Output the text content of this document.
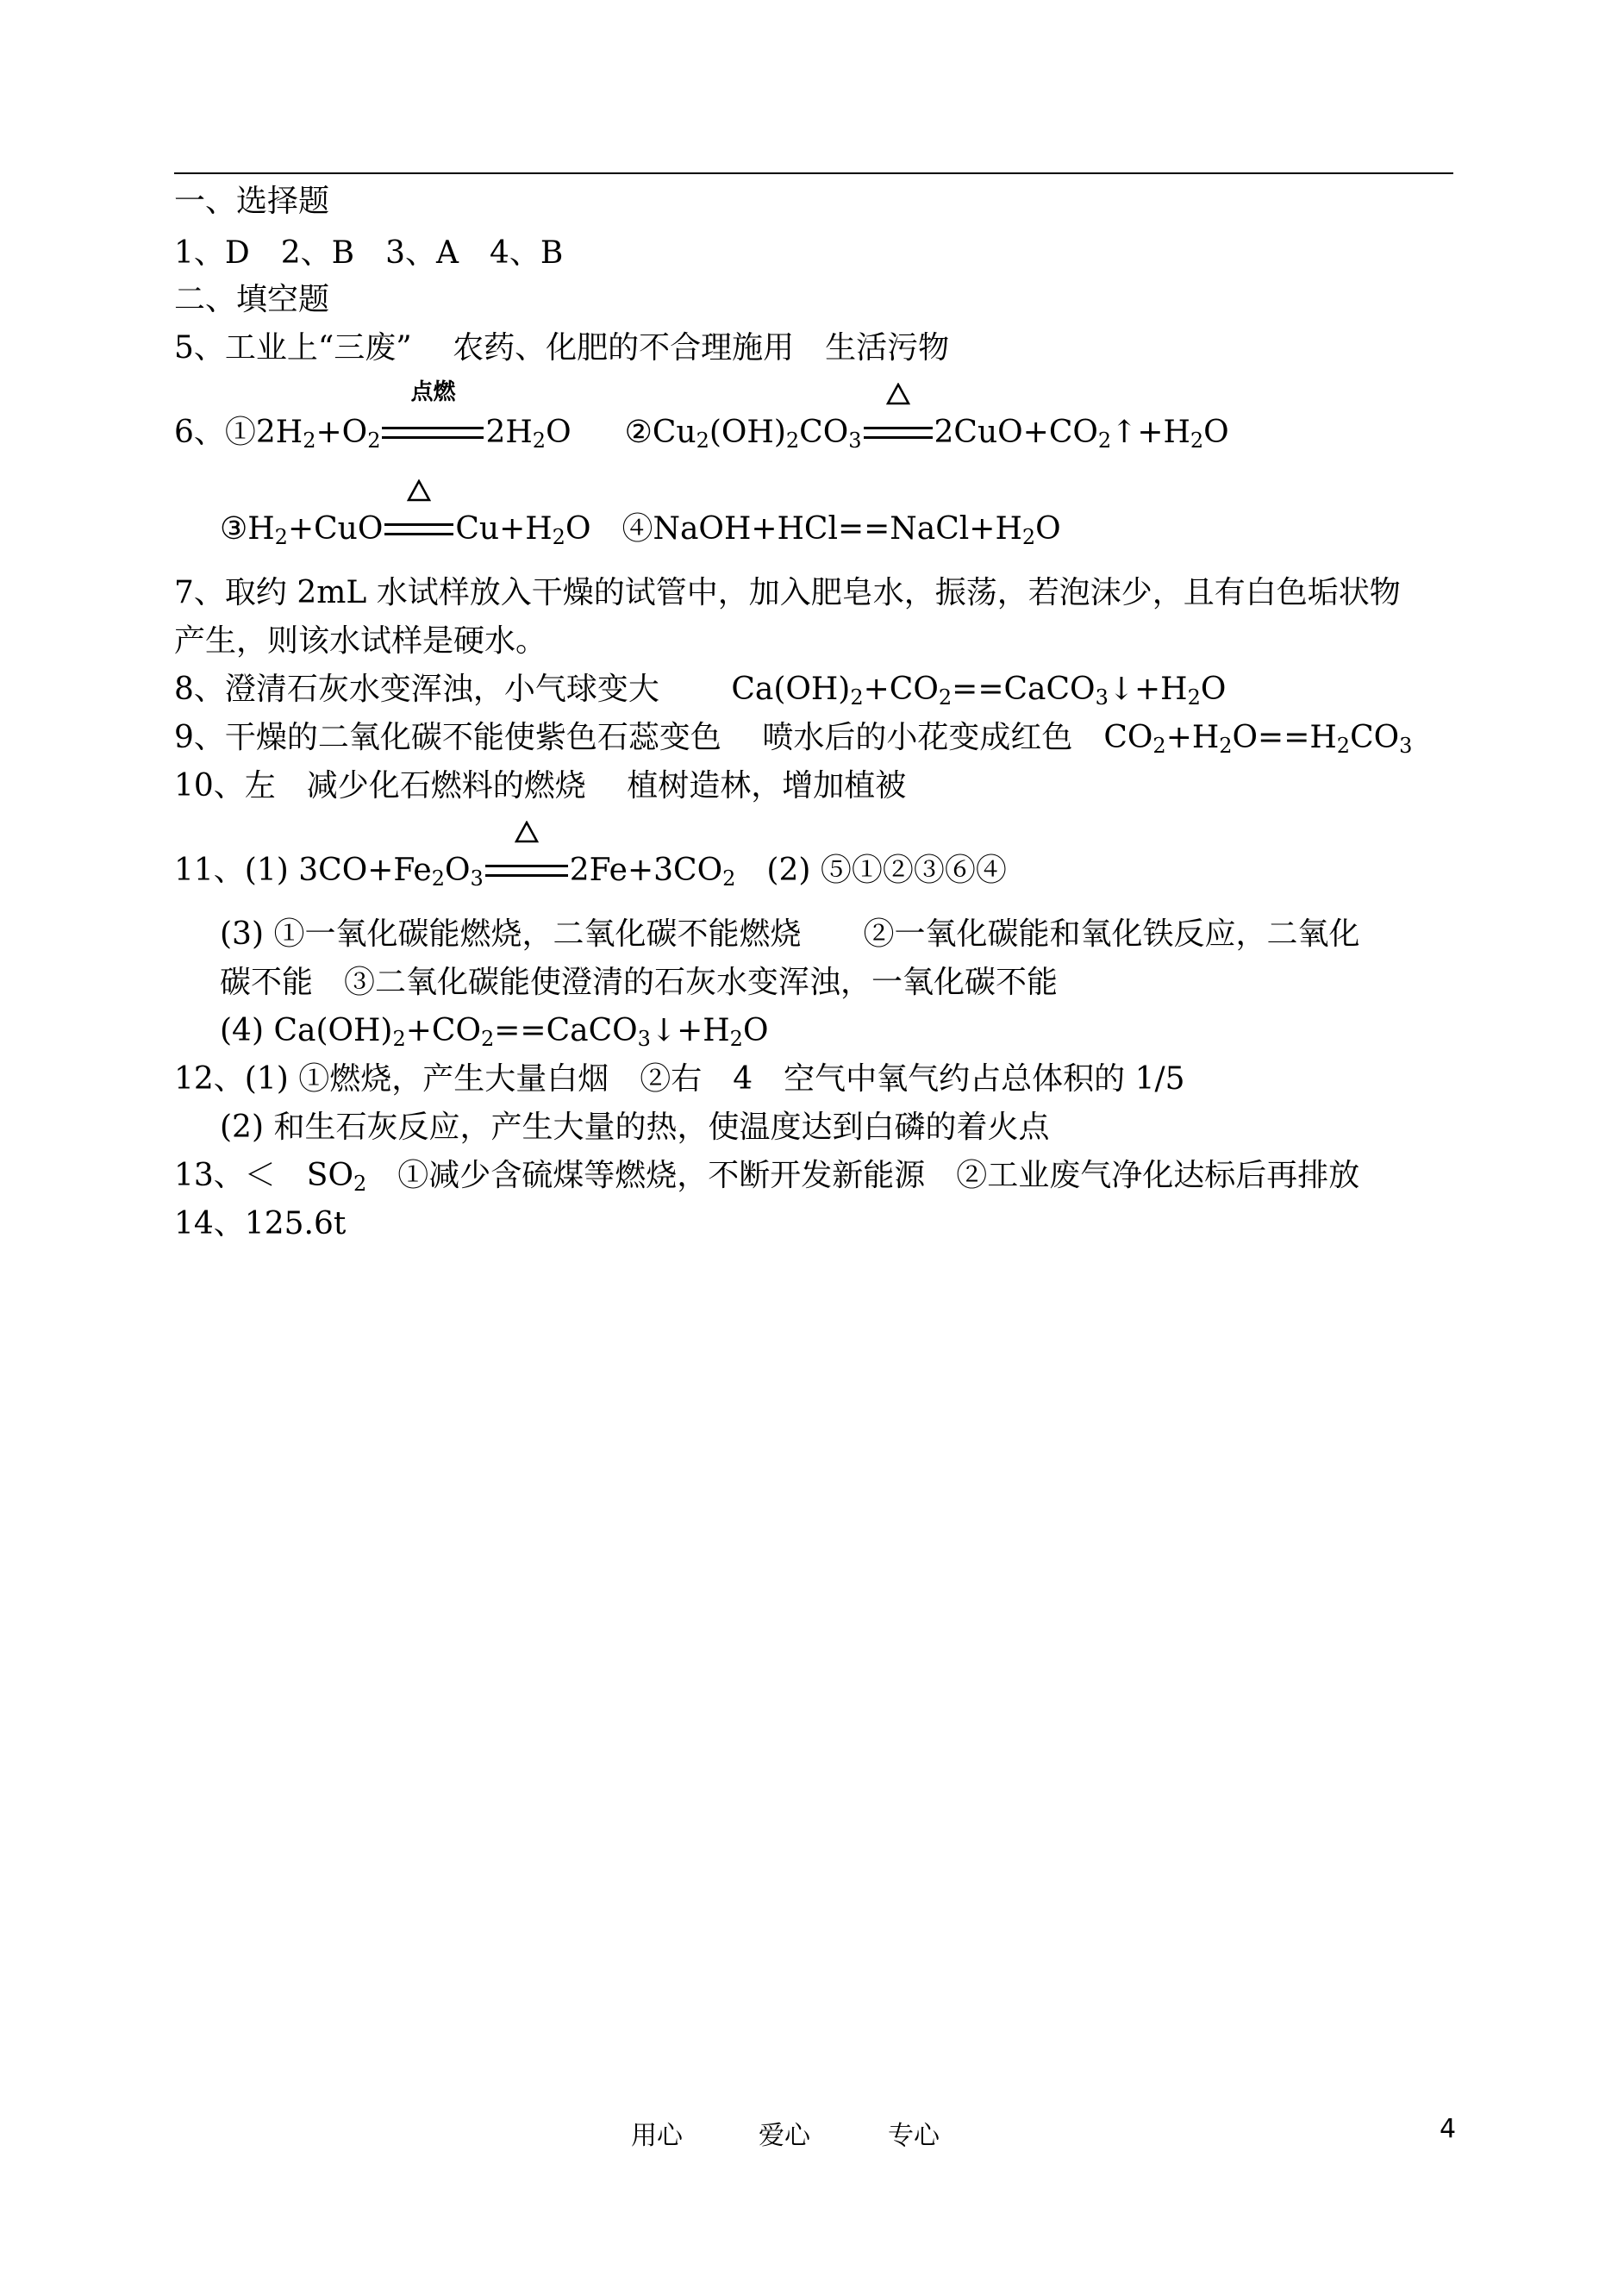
一、选择题
1、D　2、B　3、A　4、B
二、填空题
5、工业上“三废”　 农药、化肥的不合理施用　生活污物
6、$①2H_2+O_2$
点燃
$2H_2O$ $②Cu_2(OH)_2CO_3$ $2CuO+CO_2↑+H_2O$
$③H_2+CuO$ $Cu+H_2O$　$④NaOH+HCl==NaCl+H_2O$
7、取约 2mL 水试样放入干燥的试管中，加入肥皂水，振荡，若泡沫少，且有白色垢状物
产生，则该水试样是硬水。
8、澄清石灰水变浑浊，小气球变大　　 $Ca(OH)_2+CO_2==CaCO_3↓+H_2O$
9、干燥的二氧化碳不能使紫色石蕊变色　 喷水后的小花变成红色　$CO_2+H_2O==H_2CO_3$
10、左　减少化石燃料的燃烧　 植树造林，增加植被
11、(1) $3CO+Fe_2O_3$	$2Fe+3CO_2$　(2) ⑤①②③⑥④
(3) ①一氧化碳能燃烧，二氧化碳不能燃烧　　②一氧化碳能和氧化铁反应，二氧化
碳不能　③二氧化碳能使澄清的石灰水变浑浊，一氧化碳不能
(4) $Ca(OH)_2+CO_2==CaCO_3↓+H_2O$
12、(1) ①燃烧，产生大量白烟　②右　4　空气中氧气约占总体积的 1/5
(2) 和生石灰反应，产生大量的热，使温度达到白磷的着火点
13、＜　$SO_2$　①减少含硫煤等燃烧，不断开发新能源　②工业废气净化达标后再排放
14、125.6t
用心	爱心	专心	4
